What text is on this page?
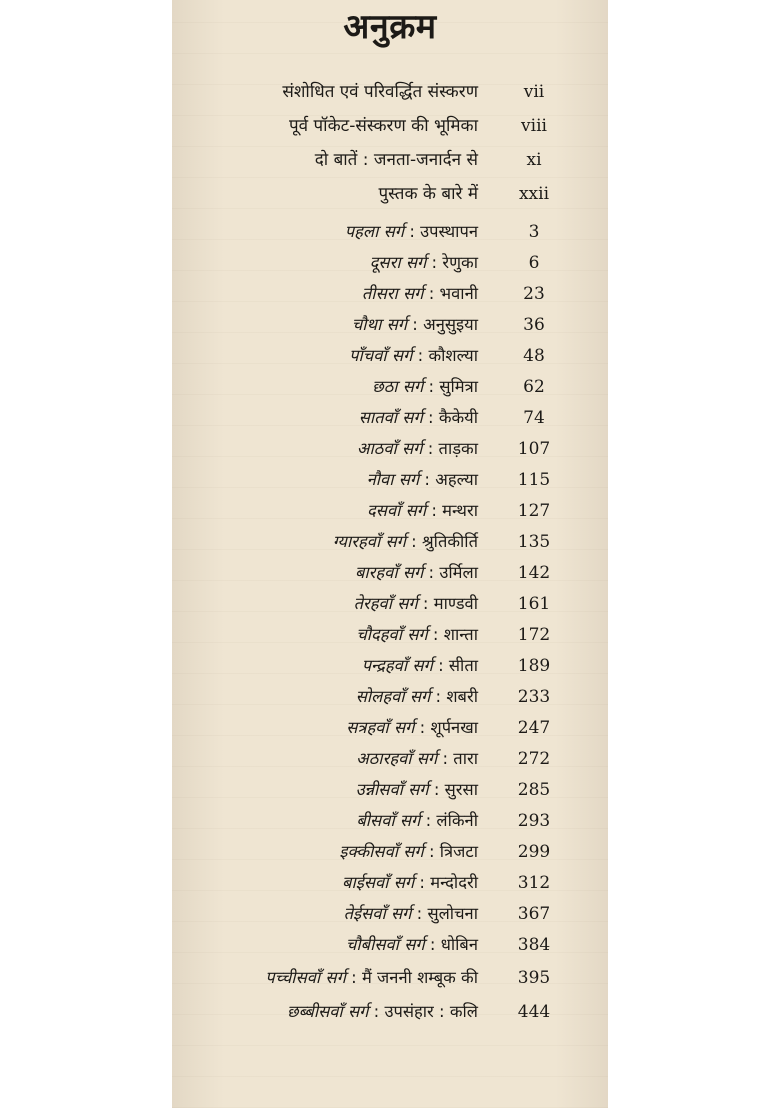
अनुक्रम
संशोधित एवं परिवर्द्धित संस्करण	vii
पूर्व पॉकेट-संस्करण की भूमिका	viii
दो बातें : जनता-जनार्दन से	xi
पुस्तक के बारे में	xxii
पहला सर्ग : उपस्थापन	3
दूसरा सर्ग : रेणुका	6
तीसरा सर्ग : भवानी	23
चौथा सर्ग : अनुसुइया	36
पाँचवाँ सर्ग : कौशल्या	48
छठा सर्ग : सुमित्रा	62
सातवाँ सर्ग : कैकेयी	74
आठवाँ सर्ग : ताड़का	107
नौवा सर्ग : अहल्या	115
दसवाँ सर्ग : मन्थरा	127
ग्यारहवाँ सर्ग : श्रुतिकीर्ति	135
बारहवाँ सर्ग : उर्मिला	142
तेरहवाँ सर्ग : माण्डवी	161
चौदहवाँ सर्ग : शान्ता	172
पन्द्रहवाँ सर्ग : सीता	189
सोलहवाँ सर्ग : शबरी	233
सत्रहवाँ सर्ग : शूर्पनखा	247
अठारहवाँ सर्ग : तारा	272
उन्नीसवाँ सर्ग : सुरसा	285
बीसवाँ सर्ग : लंकिनी	293
इक्कीसवाँ सर्ग : त्रिजटा	299
बाईसवाँ सर्ग : मन्दोदरी	312
तेईसवाँ सर्ग : सुलोचना	367
चौबीसवाँ सर्ग : धोबिन	384
पच्चीसवाँ सर्ग : मैं जननी शम्बूक की	395
छब्बीसवाँ सर्ग : उपसंहार : कलि	444
